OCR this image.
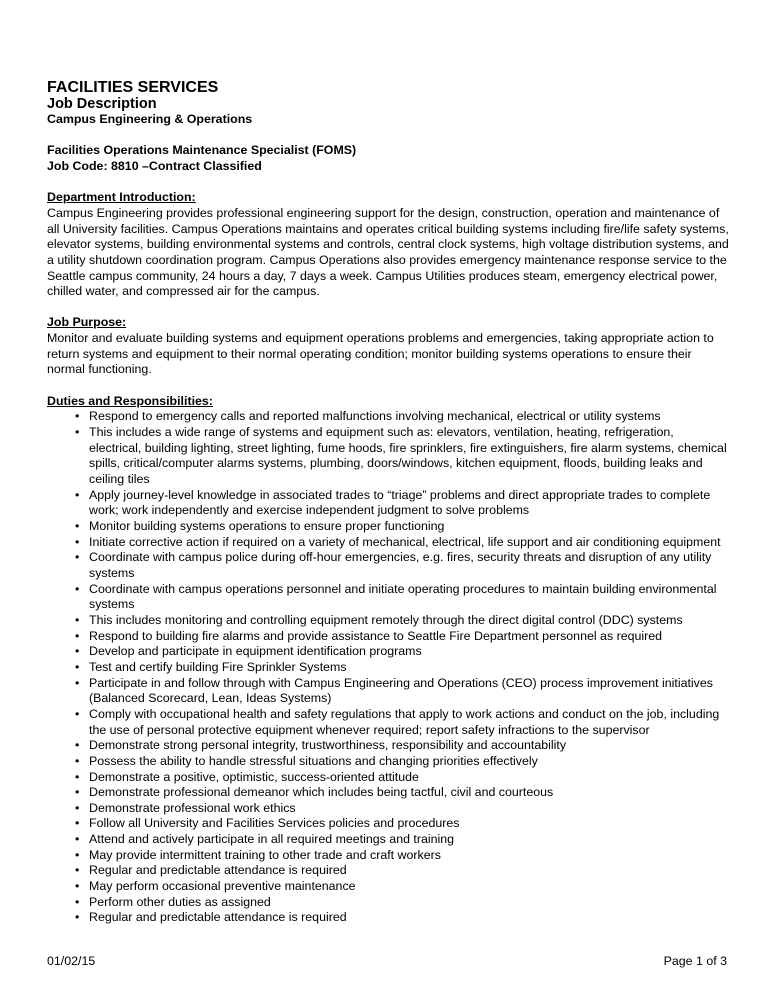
FACILITIES SERVICES
Job Description
Campus Engineering & Operations
Facilities Operations Maintenance Specialist (FOMS)
Job Code: 8810 –Contract Classified
Department Introduction:

Campus Engineering provides professional engineering support for the design, construction, operation and maintenance of all University facilities. Campus Operations maintains and operates critical building systems including fire/life safety systems, elevator systems, building environmental systems and controls, central clock systems, high voltage distribution systems, and a utility shutdown coordination program. Campus Operations also provides emergency maintenance response service to the Seattle campus community, 24 hours a day, 7 days a week. Campus Utilities produces steam, emergency electrical power, chilled water, and compressed air for the campus.

Job Purpose:

Monitor and evaluate building systems and equipment operations problems and emergencies, taking appropriate action to return systems and equipment to their normal operating condition; monitor building systems operations to ensure their normal functioning.

Duties and Responsibilities:
• Respond to emergency calls and reported malfunctions involving mechanical, electrical or utility systems
• This includes a wide range of systems and equipment such as: elevators, ventilation, heating, refrigeration, electrical, building lighting, street lighting, fume hoods, fire sprinklers, fire extinguishers, fire alarm systems, chemical spills, critical/computer alarms systems, plumbing, doors/windows, kitchen equipment, floods, building leaks and ceiling tiles
• Apply journey-level knowledge in associated trades to “triage” problems and direct appropriate trades to complete work; work independently and exercise independent judgment to solve problems
• Monitor building systems operations to ensure proper functioning
• Initiate corrective action if required on a variety of mechanical, electrical, life support and air conditioning equipment
• Coordinate with campus police during off-hour emergencies, e.g. fires, security threats and disruption of any utility systems
• Coordinate with campus operations personnel and initiate operating procedures to maintain building environmental systems
• This includes monitoring and controlling equipment remotely through the direct digital control (DDC) systems
• Respond to building fire alarms and provide assistance to Seattle Fire Department personnel as required
• Develop and participate in equipment identification programs
• Test and certify building Fire Sprinkler Systems
• Participate in and follow through with Campus Engineering and Operations (CEO) process improvement initiatives (Balanced Scorecard, Lean, Ideas Systems)
• Comply with occupational health and safety regulations that apply to work actions and conduct on the job, including the use of personal protective equipment whenever required; report safety infractions to the supervisor
• Demonstrate strong personal integrity, trustworthiness, responsibility and accountability
• Possess the ability to handle stressful situations and changing priorities effectively
• Demonstrate a positive, optimistic, success-oriented attitude
• Demonstrate professional demeanor which includes being tactful, civil and courteous
• Demonstrate professional work ethics
• Follow all University and Facilities Services policies and procedures
• Attend and actively participate in all required meetings and training
• May provide intermittent training to other trade and craft workers
• Regular and predictable attendance is required
• May perform occasional preventive maintenance
• Perform other duties as assigned
• Regular and predictable attendance is required
01/02/15	Page 1 of 3
